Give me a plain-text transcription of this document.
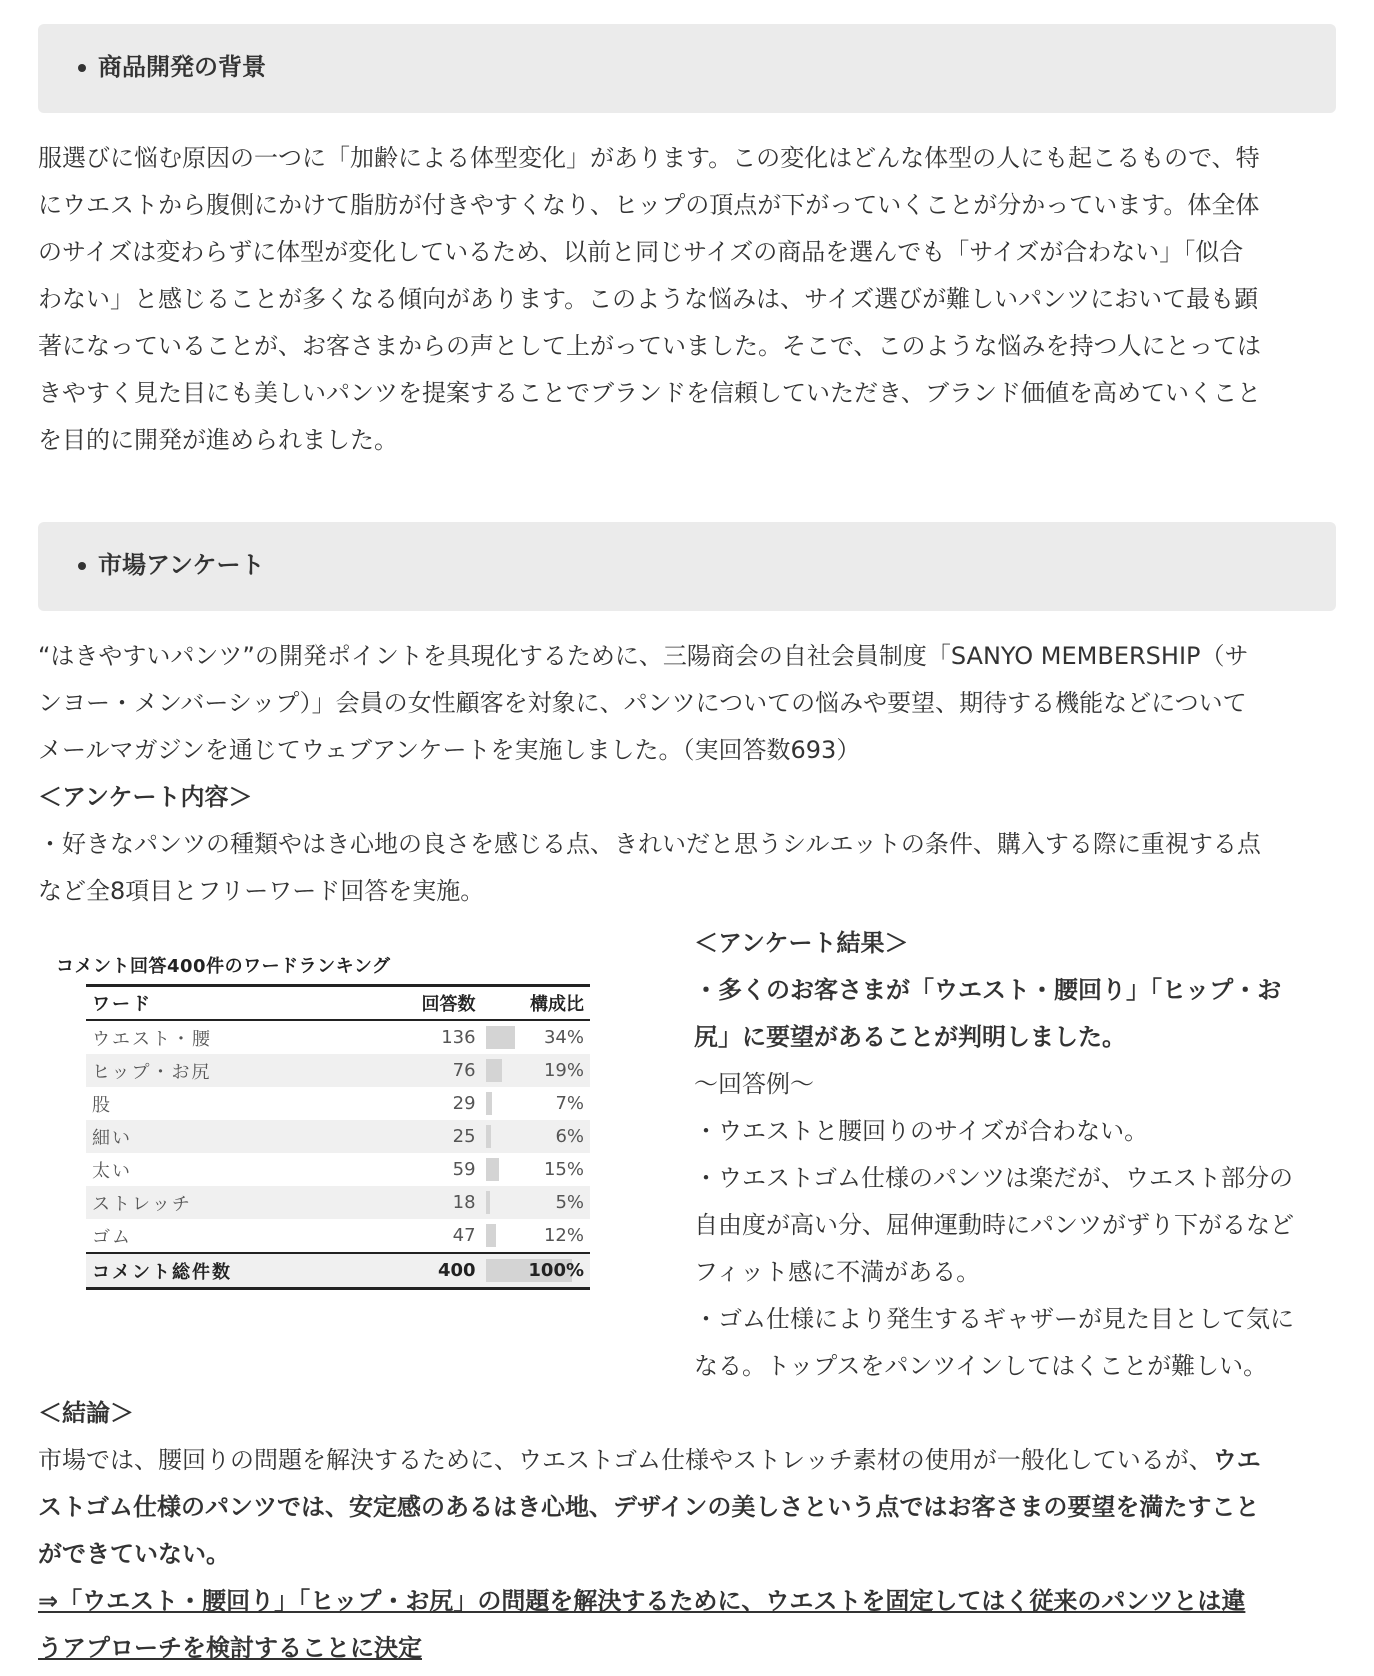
商品開発の背景
服選びに悩む原因の一つに「加齢による体型変化」があります。この変化はどんな体型の人にも起こるもので、特
にウエストから腹側にかけて脂肪が付きやすくなり、ヒップの頂点が下がっていくことが分かっています。体全体
のサイズは変わらずに体型が変化しているため、以前と同じサイズの商品を選んでも「サイズが合わない」「似合
わない」と感じることが多くなる傾向があります。このような悩みは、サイズ選びが難しいパンツにおいて最も顕
著になっていることが、お客さまからの声として上がっていました。そこで、このような悩みを持つ人にとっては
きやすく見た目にも美しいパンツを提案することでブランドを信頼していただき、ブランド価値を高めていくこと
を目的に開発が進められました。
市場アンケート
“はきやすいパンツ”の開発ポイントを具現化するために、三陽商会の自社会員制度「SANYO MEMBERSHIP（サ
ンヨー・メンバーシップ）」会員の女性顧客を対象に、パンツについての悩みや要望、期待する機能などについて
メールマガジンを通じてウェブアンケートを実施しました。（実回答数693）
＜アンケート内容＞
・好きなパンツの種類やはき心地の良さを感じる点、きれいだと思うシルエットの条件、購入する際に重視する点
など全8項目とフリーワード回答を実施。
コメント回答400件のワードランキング
ワード	回答数	構成比
ウエスト・腰	136	34%
ヒップ・お尻	76	19%
股	29	7%
細い	25	6%
太い	59	15%
ストレッチ	18	5%
ゴム	47	12%
コメント総件数	400	100%
＜アンケート結果＞
・多くのお客さまが「ウエスト・腰回り」「ヒップ・お
尻」に要望があることが判明しました。
〜回答例〜
・ウエストと腰回りのサイズが合わない。
・ウエストゴム仕様のパンツは楽だが、ウエスト部分の
自由度が高い分、屈伸運動時にパンツがずり下がるなど
フィット感に不満がある。
・ゴム仕様により発生するギャザーが見た目として気に
なる。トップスをパンツインしてはくことが難しい。
＜結論＞
市場では、腰回りの問題を解決するために、ウエストゴム仕様やストレッチ素材の使用が一般化しているが、ウエ
ストゴム仕様のパンツでは、安定感のあるはき心地、デザインの美しさという点ではお客さまの要望を満たすこと
ができていない。
⇒「ウエスト・腰回り」「ヒップ・お尻」の問題を解決するために、ウエストを固定してはく従来のパンツとは違
うアプローチを検討することに決定
